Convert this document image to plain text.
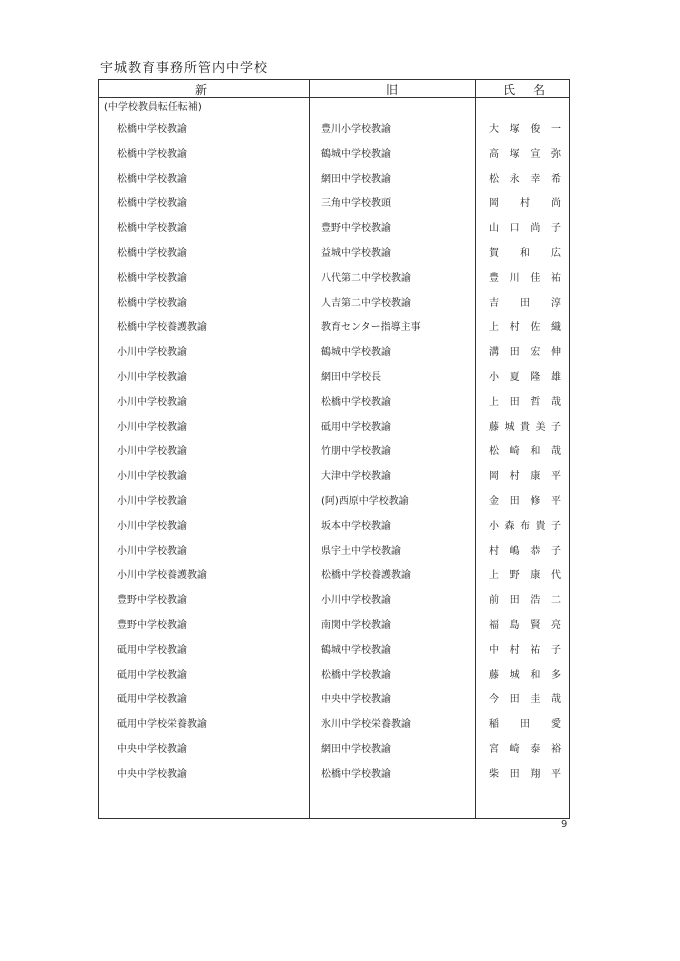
宇城教育事務所管内中学校
新	旧	氏名
(中学校教員転任転補)
松橋中学校教諭	豊川小学校教諭	大塚俊一
松橋中学校教諭	鶴城中学校教諭	高塚宣弥
松橋中学校教諭	網田中学校教諭	松永幸希
松橋中学校教諭	三角中学校教頭	岡村尚
松橋中学校教諭	豊野中学校教諭	山口尚子
松橋中学校教諭	益城中学校教諭	賀和広
松橋中学校教諭	八代第二中学校教諭	豊川佳祐
松橋中学校教諭	人吉第二中学校教諭	吉田淳
松橋中学校養護教諭	教育センター指導主事	上村佐織
小川中学校教諭	鶴城中学校教諭	溝田宏伸
小川中学校教諭	網田中学校長	小夏隆雄
小川中学校教諭	松橋中学校教諭	上田哲哉
小川中学校教諭	砥用中学校教諭	藤城貴美子
小川中学校教諭	竹朋中学校教諭	松崎和哉
小川中学校教諭	大津中学校教諭	岡村康平
小川中学校教諭	(阿)西原中学校教諭	金田修平
小川中学校教諭	坂本中学校教諭	小森布貴子
小川中学校教諭	県宇土中学校教諭	村嶋恭子
小川中学校養護教諭	松橋中学校養護教諭	上野康代
豊野中学校教諭	小川中学校教諭	前田浩二
豊野中学校教諭	南関中学校教諭	福島賢亮
砥用中学校教諭	鶴城中学校教諭	中村祐子
砥用中学校教諭	松橋中学校教諭	藤城和多
砥用中学校教諭	中央中学校教諭	今田圭哉
砥用中学校栄養教諭	氷川中学校栄養教諭	稲田愛
中央中学校教諭	網田中学校教諭	宮崎泰裕
中央中学校教諭	松橋中学校教諭	柴田翔平
9
